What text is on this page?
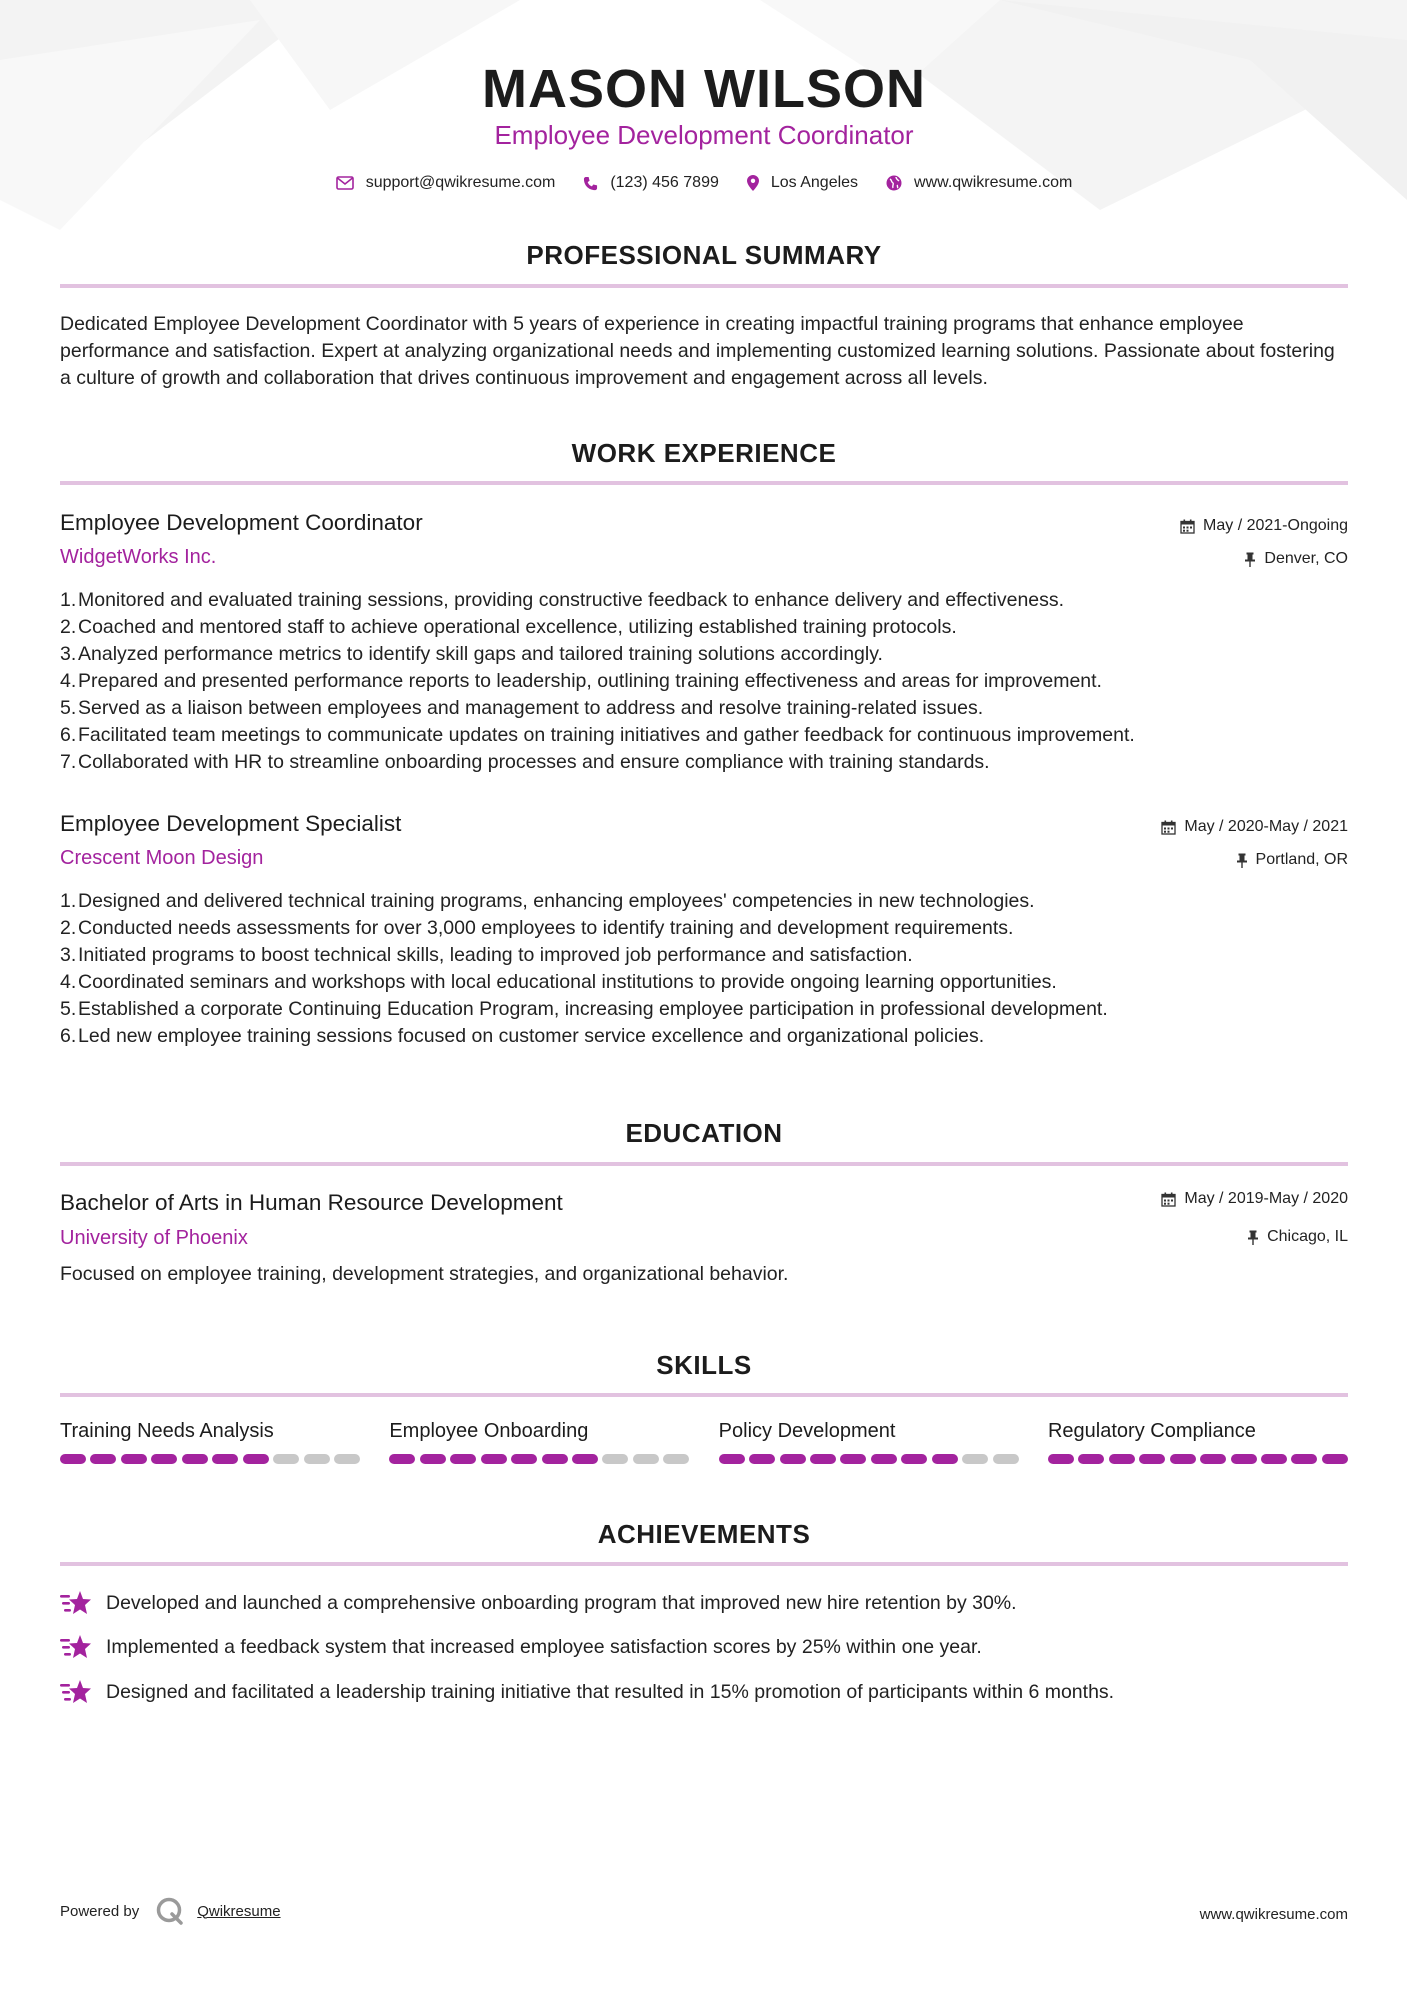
MASON WILSON
Employee Development Coordinator
support@qwikresume.com	(123) 456 7899	Los Angeles	www.qwikresume.com
PROFESSIONAL SUMMARY
Dedicated Employee Development Coordinator with 5 years of experience in creating impactful training programs that enhance employee performance and satisfaction. Expert at analyzing organizational needs and implementing customized learning solutions. Passionate about fostering a culture of growth and collaboration that drives continuous improvement and engagement across all levels.
WORK EXPERIENCE
Employee Development Coordinator
WidgetWorks Inc.
May / 2021-Ongoing
Denver, CO
1. Monitored and evaluated training sessions, providing constructive feedback to enhance delivery and effectiveness.
2. Coached and mentored staff to achieve operational excellence, utilizing established training protocols.
3. Analyzed performance metrics to identify skill gaps and tailored training solutions accordingly.
4. Prepared and presented performance reports to leadership, outlining training effectiveness and areas for improvement.
5. Served as a liaison between employees and management to address and resolve training-related issues.
6. Facilitated team meetings to communicate updates on training initiatives and gather feedback for continuous improvement.
7. Collaborated with HR to streamline onboarding processes and ensure compliance with training standards.
Employee Development Specialist
Crescent Moon Design
May / 2020-May / 2021
Portland, OR
1. Designed and delivered technical training programs, enhancing employees' competencies in new technologies.
2. Conducted needs assessments for over 3,000 employees to identify training and development requirements.
3. Initiated programs to boost technical skills, leading to improved job performance and satisfaction.
4. Coordinated seminars and workshops with local educational institutions to provide ongoing learning opportunities.
5. Established a corporate Continuing Education Program, increasing employee participation in professional development.
6. Led new employee training sessions focused on customer service excellence and organizational policies.
EDUCATION
Bachelor of Arts in Human Resource Development
University of Phoenix
May / 2019-May / 2020
Chicago, IL
Focused on employee training, development strategies, and organizational behavior.
SKILLS
Training Needs Analysis	Employee Onboarding	Policy Development	Regulatory Compliance
ACHIEVEMENTS
Developed and launched a comprehensive onboarding program that improved new hire retention by 30%.
Implemented a feedback system that increased employee satisfaction scores by 25% within one year.
Designed and facilitated a leadership training initiative that resulted in 15% promotion of participants within 6 months.
Powered by	Qwikresume	www.qwikresume.com
